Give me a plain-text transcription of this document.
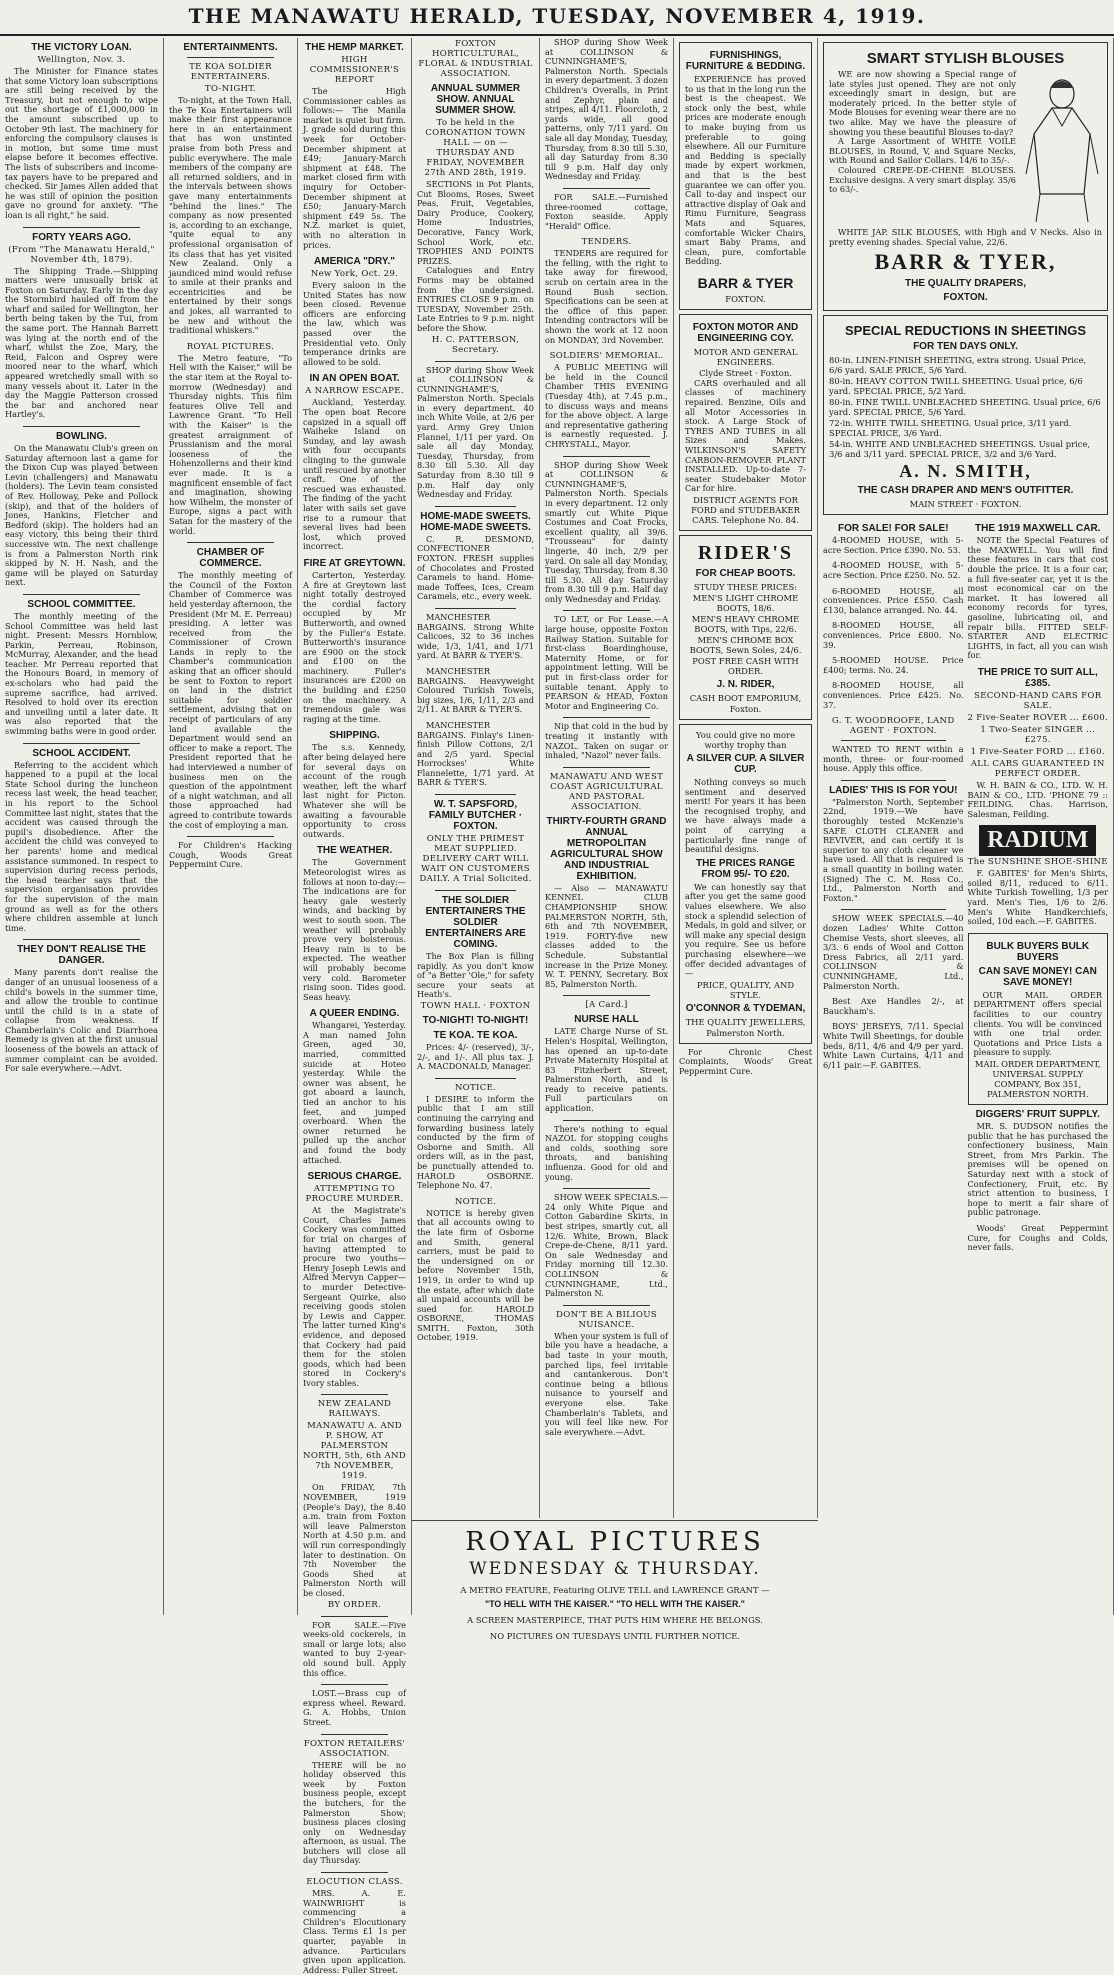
THE MANAWATU HERALD, TUESDAY, NOVEMBER 4, 1919.
THE VICTORY LOAN.
Wellington, Nov. 3.

The Minister for Finance states that some Victory loan subscriptions are still being received by the Treasury, but not enough to wipe out the shortage of £1,000,000 in the amount subscribed up to October 9th last. The machinery for enforcing the compulsory clauses is in motion, but some time must elapse before it becomes effective. The lists of subscribers and income-tax payers have to be prepared and checked. Sir James Allen added that he was still of opinion the position gave no ground for anxiety. "The loan is all right," he said.

FORTY YEARS AGO.
(From "The Manawatu Herald," November 4th, 1879).

The Shipping Trade.—Shipping matters were unusually brisk at Foxton on Saturday. Early in the day the Stormbird hauled off from the wharf and sailed for Wellington, her berth being taken by the Tui, from the same port. The Hannah Barrett was lying at the north end of the wharf, whilst the Zoe, Mary, the Reid, Falcon and Osprey were moored near to the wharf, which appeared wretchedly small with so many vessels about it. Later in the day the Maggie Patterson crossed the bar and anchored near Hartley's.

BOWLING.

On the Manawatu Club's green on Saturday afternoon last a game for the Dixon Cup was played between Levin (challengers) and Manawatu (holders). The Levin team consisted of Rev. Holloway, Peke and Pollock (skip), and that of the holders of Jones, Hankins, Fletcher and Bedford (skip). The holders had an easy victory, this being their third successive win. The next challenge is from a Palmerston North rink skipped by N. H. Nash, and the game will be played on Saturday next.

SCHOOL COMMITTEE.

The monthly meeting of the School Committee was held last night. Present: Messrs Hornblow, Parkin, Perreau, Robinson, McMurray, Alexander, and the head teacher. Mr Perreau reported that the Honours Board, in memory of ex-scholars who had paid the supreme sacrifice, had arrived. Resolved to hold over its erection and unveiling until a later date. It was also reported that the swimming baths were in good order.

SCHOOL ACCIDENT.

Referring to the accident which happened to a pupil at the local State School during the luncheon recess last week, the head teacher, in his report to the School Committee last night, states that the accident was caused through the pupil's disobedience. After the accident the child was conveyed to her parents' home and medical assistance summoned. In respect to supervision during recess periods, the head teacher says that the supervision organisation provides for the supervision of the main ground as well as for the others where children assemble at lunch time.

THEY DON'T REALISE THE DANGER.

Many parents don't realise the danger of an unusual looseness of a child's bowels in the summer time, and allow the trouble to continue until the child is in a state of collapse from weakness. If Chamberlain's Colic and Diarrhoea Remedy is given at the first unusual looseness of the bowels an attack of summer complaint can be avoided. For sale everywhere.—Advt.

ENTERTAINMENTS.
TE KOA SOLDIER ENTERTAINERS.
TO-NIGHT.

To-night, at the Town Hall, the Te Koa Entertainers will make their first appearance here in an entertainment that has won unstinted praise from both Press and public everywhere. The male members of the company are all returned soldiers, and in the intervals between shows gave many entertainments "behind the lines." The company as now presented is, according to an exchange, "quite equal to any professional organisation of its class that has yet visited New Zealand. Only a jaundiced mind would refuse to smile at their pranks and eccentricities and be entertained by their songs and jokes, all warranted to be new and without the traditional whiskers."

ROYAL PICTURES.

The Metro feature, "To Hell with the Kaiser," will be the star item at the Royal to-morrow (Wednesday) and Thursday nights. This film features Olive Tell and Lawrence Grant. "To Hell with the Kaiser" is the greatest arraignment of Prussianism and the moral looseness of the Hohenzollerns and their kind ever made. It is a magnificent ensemble of fact and imagination, showing how Wilhelm, the monster of Europe, signs a pact with Satan for the mastery of the world.

CHAMBER OF COMMERCE.

The monthly meeting of the Council of the Foxton Chamber of Commerce was held yesterday afternoon, the President (Mr M. E. Perreau) presiding. A letter was received from the Commissioner of Crown Lands in reply to the Chamber's communication asking that an officer should be sent to Foxton to report on land in the district suitable for soldier settlement, advising that on receipt of particulars of any land available the Department would send an officer to make a report. The President reported that he had interviewed a number of business men on the question of the appointment of a night watchman, and all those approached had agreed to contribute towards the cost of employing a man.

For Children's Hacking Cough, Woods Great Peppermint Cure.

THE HEMP MARKET.
HIGH COMMISSIONER'S REPORT

The High Commissioner cables as follows:— The Manila market is quiet but firm. J. grade sold during this week for October-December shipment at £49; January-March shipment at £48. The market closed firm with inquiry for October-December shipment at £50; January-March shipment £49 5s. The N.Z. market is quiet, with no alteration in prices.

AMERICA "DRY."
New York, Oct. 29.

Every saloon in the United States has now been closed. Revenue officers are enforcing the law, which was passed over the Presidential veto. Only temperance drinks are allowed to be sold.

IN AN OPEN BOAT.
A NARROW ESCAPE.

Auckland, Yesterday. The open boat Recore capsized in a squall off Waiheke Island on Sunday, and lay awash with four occupants clinging to the gunwale until rescued by another craft. One of the rescued was exhausted. The finding of the yacht later with sails set gave rise to a rumour that several lives had been lost, which proved incorrect.

FIRE AT GREYTOWN.

Carterton, Yesterday. A fire at Greytown last night totally destroyed the cordial factory occupied by Mr Butterworth, and owned by the Fuller's Estate. Butterworth's insurance are £900 on the stock and £100 on the machinery. Fuller's insurances are £200 on the building and £250 on the machinery. A tremendous gale was raging at the time.

SHIPPING.

The s.s. Kennedy, after being delayed here for several days on account of the rough weather, left the wharf last night for Picton. Whatever she will be awaiting a favourable opportunity to cross outwards.

THE WEATHER.

The Government Meteorologist wires as follows at noon to-day:— The indications are for heavy gale westerly winds, and backing by west to south soon. The weather will probably prove very boisterous. Heavy rain is to be expected. The weather will probably become very cold. Barometer rising soon. Tides good. Seas heavy.

A QUEER ENDING.

Whangarei, Yesterday. A man named John Green, aged 30, married, committed suicide at Hoteo yesterday. While the owner was absent, he got aboard a launch, tied an anchor to his feet, and jumped overboard. When the owner returned he pulled up the anchor and found the body attached.

SERIOUS CHARGE.
ATTEMPTING TO PROCURE MURDER.

At the Magistrate's Court, Charles James Cockery was committed for trial on charges of having attempted to procure two youths—Henry Joseph Lewis and Alfred Mervyn Capper—to murder Detective-Sergeant Quirke, also receiving goods stolen by Lewis and Capper. The latter turned King's evidence, and deposed that Cockery had paid them for the stolen goods, which had been stored in Cockery's Ivory stables.

NEW ZEALAND RAILWAYS.
MANAWATU A. AND P. SHOW, AT PALMERSTON NORTH, 5th, 6th AND 7th NOVEMBER, 1919.

On FRIDAY, 7th NOVEMBER, 1919 (People's Day), the 8.40 a.m. train from Foxton will leave Palmerston North at 4.50 p.m. and will run correspondingly later to destination. On 7th November the Goods Shed at Palmerston North will be closed.

BY ORDER.

FOR SALE.—Five weeks-old cockerels, in small or large lots; also wanted to buy 2-year-old sound bull. Apply this office.

LOST.—Brass cup of express wheel. Reward. G. A. Hobbs, Union Street.

FOXTON RETAILERS' ASSOCIATION.

THERE will be no holiday observed this week by Foxton business people, except the butchers, for the Palmerston Show; business places closing only on Wednesday afternoon, as usual. The butchers will close all day Thursday.

ELOCUTION CLASS.

MRS. A. E. WAINWRIGHT is commencing a Children's Elocutionary Class. Terms £1 1s per quarter, payable in advance. Particulars given upon application. Address: Fuller Street.

FOXTON HORTICULTURAL, FLORAL & INDUSTRIAL ASSOCIATION.
ANNUAL SUMMER SHOW. ANNUAL SUMMER SHOW.
To be held in the CORONATION TOWN HALL — on — THURSDAY AND FRIDAY, NOVEMBER 27th AND 28th, 1919.

SECTIONS in Pot Plants, Cut Blooms, Roses, Sweet Peas, Fruit, Vegetables, Dairy Produce, Cookery, Home Industries, Decorative, Fancy Work, School Work, etc. TROPHIES AND POINTS PRIZES.

Catalogues and Entry Forms may be obtained from the undersigned. ENTRIES CLOSE 9 p.m. on TUESDAY, November 25th. Late Entries to 9 p.m. night before the Show.

H. C. PATTERSON, Secretary.

SHOP during Show Week at COLLINSON & CUNNINGHAME'S, Palmerston North. Specials in every department. 40 inch White Voile, at 2/6 per yard. Army Grey Union Flannel, 1/11 per yard. On sale all day Monday, Tuesday, Thursday, from 8.30 till 5.30. All day Saturday from 8.30 till 9 p.m. Half day only Wednesday and Friday.

HOME-MADE SWEETS. HOME-MADE SWEETS.

C. R. DESMOND, CONFECTIONER · FOXTON. FRESH supplies of Chocolates and Frosted Caramels to hand. Home-made Toffees, Ices, Cream Caramels, etc., every week.

MANCHESTER BARGAINS. Strong White Calicoes, 32 to 36 inches wide, 1/3, 1/41, and 1/71 yard. At BARR & TYER'S.

MANCHESTER BARGAINS. Heavyweight Coloured Turkish Towels, big sizes, 1/6, 1/11, 2/3 and 2/11. At BARR & TYER'S.

MANCHESTER BARGAINS. Finlay's Linen-finish Pillow Cottons, 2/1 and 2/5 yard. Special Horrockses' White Flannelette, 1/71 yard. At BARR & TYER'S.

W. T. SAPSFORD, FAMILY BUTCHER · FOXTON.
ONLY THE PRIMEST MEAT SUPPLIED. DELIVERY CART WILL WAIT ON CUSTOMERS DAILY. A Trial Solicited.
THE SOLDIER ENTERTAINERS THE SOLDIER ENTERTAINERS ARE COMING.

The Box Plan is filling rapidly. As you don't know of "a Better 'Ole," for safety secure your seats at Heath's.

TOWN HALL · FOXTON
TO-NIGHT! TO-NIGHT!
TE KOA. TE KOA.

Prices: 4/- (reserved), 3/-, 2/-, and 1/-. All plus tax. J. A. MACDONALD, Manager.

NOTICE.

I DESIRE to inform the public that I am still continuing the carrying and forwarding business lately conducted by the firm of Osborne and Smith. All orders will, as in the past, be punctually attended to. HAROLD OSBORNE. Telephone No. 47.

NOTICE.

NOTICE is hereby given that all accounts owing to the late firm of Osborne and Smith, general carriers, must be paid to the undersigned on or before November 15th, 1919, in order to wind up the estate, after which date all unpaid accounts will be sued for. HAROLD OSBORNE, THOMAS SMITH. Foxton, 30th October, 1919.

SHOP during Show Week at COLLINSON & CUNNINGHAME'S, Palmerston North. Specials in every department. 3 dozen Children's Overalls, in Print and Zephyr, plain and stripes, all 4/11. Floorcloth, 2 yards wide, all good patterns, only 7/11 yard. On sale all day Monday, Tuesday, Thursday, from 8.30 till 5.30, all day Saturday from 8.30 till 9 p.m. Half day only Wednesday and Friday.

FOR SALE.—Furnished three-roomed cottage, Foxton seaside. Apply "Herald" Office.

TENDERS.

TENDERS are required for the felling, with the right to take away for firewood, scrub on certain area in the Round Bush section. Specifications can be seen at the office of this paper. Intending contractors will be shown the work at 12 noon on MONDAY, 3rd November.

SOLDIERS' MEMORIAL.

A PUBLIC MEETING will be held in the Council Chamber THIS EVENING (Tuesday 4th), at 7.45 p.m., to discuss ways and means for the above object. A large and representative gathering is earnestly requested. J. CHRYSTALL, Mayor.

SHOP during Show Week at COLLINSON & CUNNINGHAME'S, Palmerston North. Specials in every department. 12 only smartly cut White Pique Costumes and Coat Frocks, excellent quality, all 39/6. "Trousseau" for dainty lingerie, 40 inch, 2/9 per yard. On sale all day Monday, Tuesday, Thursday, from 8.30 till 5.30. All day Saturday from 8.30 till 9 p.m. Half day only Wednesday and Friday.

TO LET, or For Lease.—A large house, opposite Foxton Railway Station. Suitable for first-class Boardinghouse, Maternity Home, or for appointment letting. Will be put in first-class order for suitable tenant. Apply to PEARSON & HEAD, Foxton Motor and Engineering Co.

Nip that cold in the bud by treating it instantly with NAZOL. Taken on sugar or inhaled, "Nazol" never fails.

MANAWATU AND WEST COAST AGRICULTURAL AND PASTORAL ASSOCIATION.
THIRTY-FOURTH GRAND ANNUAL METROPOLITAN AGRICULTURAL SHOW AND INDUSTRIAL EXHIBITION.

— Also — MANAWATU KENNEL CLUB CHAMPIONSHIP SHOW. PALMERSTON NORTH, 5th, 6th and 7th NOVEMBER, 1919. FORTY-five new classes added to the Schedule. Substantial increase in the Prize Money. W. T. PENNY, Secretary. Box 85, Palmerston North.

[A Card.]
NURSE HALL

LATE Charge Nurse of St. Helen's Hospital, Wellington, has opened an up-to-date Private Maternity Hospital at 83 Fitzherbert Street, Palmerston North, and is ready to receive patients. Full particulars on application.

There's nothing to equal NAZOL for stopping coughs and colds, soothing sore throats, and banishing influenza. Good for old and young.

SHOW WEEK SPECIALS.—24 only White Pique and Cotton Gabardine Skirts, in best stripes, smartly cut, all 12/6. White, Brown, Black Crepe-de-Chene, 8/11 yard. On sale Wednesday and Friday morning till 12.30. COLLINSON & CUNNINGHAME, Ltd., Palmerston N.

DON'T BE A BILIOUS NUISANCE.

When your system is full of bile you have a headache, a bad taste in your mouth, parched lips, feel irritable and cantankerous. Don't continue being a bilious nuisance to yourself and everyone else. Take Chamberlain's Tablets, and you will feel like new. For sale everywhere.—Advt.

FURNISHINGS, FURNITURE & BEDDING.

EXPERIENCE has proved to us that in the long run the best is the cheapest. We stock only the best, while prices are moderate enough to make buying from us preferable to going elsewhere. All our Furniture and Bedding is specially made by expert workmen, and that is the best guarantee we can offer you. Call to-day and inspect our attractive display of Oak and Rimu Furniture, Seagrass Mats and Squares, comfortable Wicker Chairs, smart Baby Prams, and clean, pure, comfortable Bedding.

BARR & TYER
FOXTON.
FOXTON MOTOR AND ENGINEERING COY.
MOTOR AND GENERAL ENGINEERS.
Clyde Street · Foxton.

CARS overhauled and all classes of machinery repaired. Benzine, Oils and all Motor Accessories in stock. A Large Stock of TYRES AND TUBES in all Sizes and Makes. WILKINSON'S SAFETY CARBON-REMOVER PLANT INSTALLED. Up-to-date 7-seater Studebaker Motor Car for hire.

DISTRICT AGENTS FOR FORD and STUDEBAKER CARS. Telephone No. 84.
RIDER'S
FOR CHEAP BOOTS.
STUDY THESE PRICES:
MEN'S LIGHT CHROME BOOTS, 18/6.
MEN'S HEAVY CHROME BOOTS, with Tips, 22/6.
MEN'S CHROME BOX BOOTS, Sewn Soles, 24/6.
POST FREE CASH WITH ORDER.
J. N. RIDER,
CASH BOOT EMPORIUM,
Foxton.
You could give no more worthy trophy than
A SILVER CUP. A SILVER CUP.

Nothing conveys so much sentiment and deserved merit! For years it has been the recognised trophy, and we have always made a point of carrying a particularly fine range of beautiful designs.

THE PRICES RANGE FROM 95/- TO £20.

We can honestly say that after you get the same good values elsewhere. We also stock a splendid selection of Medals, in gold and silver, or will make any special design you require. See us before purchasing elsewhere—we offer decided advantages of—

PRICE, QUALITY, AND STYLE.
O'CONNOR & TYDEMAN,
THE QUALITY JEWELLERS,
Palmerston North.

For Chronic Chest Complaints, Woods' Great Peppermint Cure.

SMART STYLISH BLOUSES

WE are now showing a Special range of late styles just opened. They are not only exceedingly smart in design, but are moderately priced. In the better style of Mode Blouses for evening wear there are no two alike. May we have the pleasure of showing you these beautiful Blouses to-day?

A Large Assortment of WHITE VOILE BLOUSES, in Round, V, and Square Necks, with Round and Sailor Collars. 14/6 to 35/-.

Coloured CREPE-DE-CHENE BLOUSES. Exclusive designs. A very smart display. 35/6 to 63/-.

WHITE JAP. SILK BLOUSES, with High and V Necks. Also in pretty evening shades. Special value, 22/6.

BARR & TYER,
THE QUALITY DRAPERS,
FOXTON.
SPECIAL REDUCTIONS IN SHEETINGS
FOR TEN DAYS ONLY.
80-in. LINEN-FINISH SHEETING, extra strong. Usual Price, 6/6 yard. SALE PRICE, 5/6 Yard.
80-in. HEAVY COTTON TWILL SHEETING. Usual price, 6/6 yard. SPECIAL PRICE, 5/2 Yard.
80-in. FINE TWILL UNBLEACHED SHEETING. Usual price, 6/6 yard. SPECIAL PRICE, 5/6 Yard.
72-in. WHITE TWILL SHEETING. Usual price, 3/11 yard. SPECIAL PRICE, 3/6 Yard.
54-in. WHITE AND UNBLEACHED SHEETINGS. Usual price, 3/6 and 3/11 yard. SPECIAL PRICE, 3/2 and 3/6 Yard.
A. N. SMITH,
THE CASH DRAPER AND MEN'S OUTFITTER.
MAIN STREET · FOXTON.
FOR SALE! FOR SALE!

4-ROOMED HOUSE, with 5-acre Section. Price £390. No. 53.

4-ROOMED HOUSE, with 5-acre Section. Price £250. No. 52.

6-ROOMED HOUSE, all conveniences. Price £550. Cash £130, balance arranged. No. 44.

8-ROOMED HOUSE, all conveniences. Price £800. No. 39.

5-ROOMED HOUSE. Price £400; terms. No. 24.

8-ROOMED HOUSE, all conveniences. Price £425. No. 37.

G. T. WOODROOFE, LAND AGENT · FOXTON.

WANTED TO RENT within a month, three- or four-roomed house. Apply this office.

LADIES' THIS IS FOR YOU!

"Palmerston North, September 22nd, 1919.—We have thoroughly tested McKenzie's SAFE CLOTH CLEANER and REVIVER, and can certify it is superior to any cloth cleaner we have used. All that is required is a small quantity in boiling water. (Signed) The C. M. Ross Co., Ltd., Palmerston North and Foxton."

SHOW WEEK SPECIALS.—40 dozen Ladies' White Cotton Chemise Vests, short sleeves, all 3/3. 6 ends of Wool and Cotton Dress Fabrics, all 2/11 yard. COLLINSON & CUNNINGHAME, Ltd., Palmerston North.

Best Axe Handles 2/-, at Bauckham's.

BOYS' JERSEYS, 7/11. Special White Twill Sheetings, for double beds, 8/11, 4/6 and 4/9 per yard. White Lawn Curtains, 4/11 and 6/11 pair.—F. GABITES.

THE 1919 MAXWELL CAR.

NOTE the Special Features of the MAXWELL. You will find these features in cars that cost double the price. It is a four car, a full five-seater car, yet it is the most economical car on the market. It has lowered all economy records for tyres, gasoline, lubricating oil, and repair bills. FITTED SELF-STARTER AND ELECTRIC LIGHTS, in fact, all you can wish for.

THE PRICE TO SUIT ALL, £385.
SECOND-HAND CARS FOR SALE.
2 Five-Seater ROVER ... £600.
1 Two-Seater SINGER ... £275.
1 Five-Seater FORD ... £160.
ALL CARS GUARANTEED IN PERFECT ORDER.

W. H. BAIN & CO., LTD. W. H. BAIN & CO., LTD. 'PHONE 79 :: FEILDING. Chas. Harrison, Salesman, Feilding.

RADIUM
The SUNSHINE SHOE-SHINE

F. GABITES' for Men's Shirts, soiled 8/11, reduced to 6/11. White Turkish Towelling, 1/3 per yard. Men's Ties, 1/6 to 2/6. Men's White Handkerchiefs, soiled, 10d each.—F. GABITES.

BULK BUYERS BULK BUYERS
CAN SAVE MONEY! CAN SAVE MONEY!

OUR MAIL ORDER DEPARTMENT offers special facilities to our country clients. You will be convinced with one trial order. Quotations and Price Lists a pleasure to supply.

MAIL ORDER DEPARTMENT, UNIVERSAL SUPPLY COMPANY, Box 351, PALMERSTON NORTH.
DIGGERS' FRUIT SUPPLY.

MR. S. DUDSON notifies the public that he has purchased the confectionery business, Main Street, from Mrs Parkin. The premises will be opened on Saturday next with a stock of Confectionery, Fruit, etc. By strict attention to business, I hope to merit a fair share of public patronage.

Woods' Great Peppermint Cure, for Coughs and Colds, never fails.

ROYAL PICTURES
WEDNESDAY & THURSDAY.
A METRO FEATURE, Featuring OLIVE TELL and LAWRENCE GRANT —
"TO HELL WITH THE KAISER." "TO HELL WITH THE KAISER."
A SCREEN MASTERPIECE, THAT PUTS HIM WHERE HE BELONGS.
NO PICTURES ON TUESDAYS UNTIL FURTHER NOTICE.
